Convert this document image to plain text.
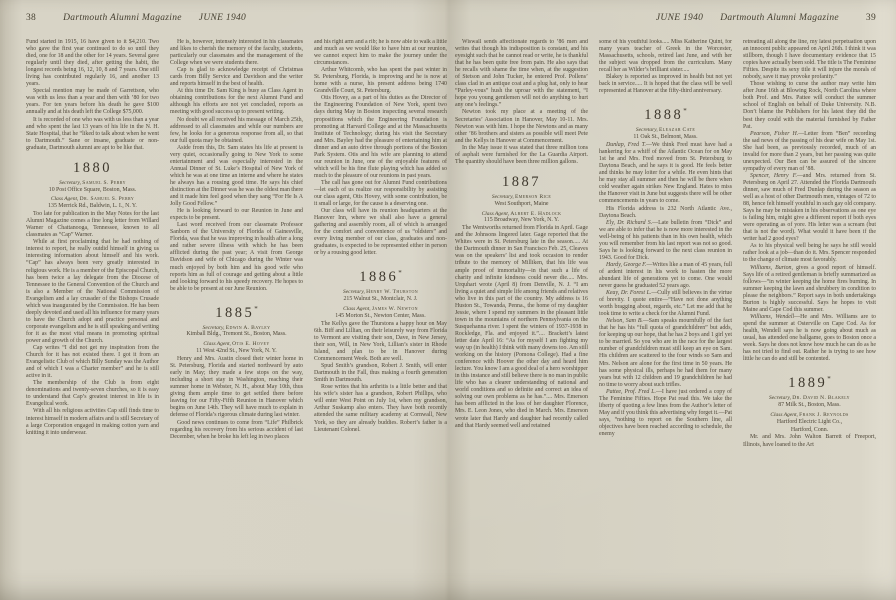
38	Dartmouth Alumni Magazine JUNE 1940

Fund started in 1915, 16 have given to it $4,210. Two who gave the first year continued to do so until they died, one for 18 and the other for 14 years. Several gave regularly until they died, after getting the habit, the longest records being 16, 12, 10, 8 and 7 years. One still living has contributed regularly 16, and another 13 years.

Special mention may be made of Garrettson, who was with us less than a year and then with ’80 for two years. For ten years before his death he gave $100 annually and at his death left the College $75,000.

It is recorded of one who was with us less than a year and who spent the last 13 years of his life in the N. H. State Hospital, that he “liked to talk about when he went to Dartmouth.” Sane or insane, graduate or non-graduate, Dartmouth alumni are apt to be like that.

1880
Secretary, Samuel S. Perry
10 Post Office Square, Boston, Mass.
Class Agent, Dr. Samuel S. Perry
135 Merrick Rd., Baldwin, L. I., N. Y.

Too late for publication in the May Notes for the last Alumni Magazine comes a fine long letter from Willard Warner of Chattanooga, Tennessee, known to all classmates as “Cap” Warner.

While at first proclaiming that he had nothing of interest to report, he really outdid himself in giving us interesting information about himself and his work. “Cap” has always been very greatly interested in religious work. He is a member of the Episcopal Church, has been twice a lay delegate from the Diocese of Tennessee to the General Convention of the Church and is also a Member of the National Commission of Evangelism and a lay crusader of the Bishops Crusade which was inaugurated by the Commission. He has been deeply devoted and used all his influence for many years to have the Church adopt and practice personal and corporate evangelism and he is still speaking and writing for it as the most vital means in promoting spiritual power and growth of the Church.

Cap writes “I did not get my inspiration from the Church for it has not existed there. I got it from an Evangelistic Club of which Billy Sunday was the Author and of which I was a Charter member” and he is still active in it.

The membership of the Club is from eight denominations and twenty-seven churches, so it is easy to understand that Cap’s greatest interest in life is in Evangelical work.

With all his religious activities Cap still finds time to interest himself in modern affairs and is still Secretary of a large Corporation engaged in making cotton yarn and knitting it into underwear.

He is, however, intensely interested in his classmates and likes to cherish the memory of the faculty, students, particularly our classmates and the management of the College when we were students there.

Cap is glad to acknowledge receipt of Christmas cards from Billy Service and Davidson and the writer and reports himself in the best of health.

At this time Dr. Sam King is busy as Class Agent in obtaining contributions for the next Alumni Fund and although his efforts are not yet concluded, reports as meeting with good success up to present writing.

No doubt we all received his message of March 25th, addressed to all classmates and while our numbers are few, he looks for a generous response from all, so that our full quota may be obtained.

Aside from this, Dr. Sam states his life at present is very quiet, occasionally going to New York to some entertainment and was especially interested in the Annual Dinner of St. Luke’s Hospital of New York of which he was at one time an interne and where he states he always has a rousing good time. He says his chief distinction at the Dinner was he was the oldest man there and it made him feel good when they sang “For He Is A Jolly Good Fellow.”

He is looking forward to our Reunion in June and expects to be present.

Last word received from our classmate Professor Sanborn of the University of Florida of Gainesville, Florida, was that he was improving in health after a long and rather severe illness with which he has been afflicted during the past year; A visit from George Davidson and wife of Chicago during the Winter was much enjoyed by both him and his good wife who reports him as full of courage and getting about a little and looking forward to his speedy recovery. He hopes to be able to be present at our June Reunion.

1885*
Secretary, Edwin A. Bayley
Kimball Bldg., Tremont St., Boston, Mass.
Class Agent, Otis E. Hovey
11 West 42nd St., New York, N. Y.

Henry and Mrs. Austin closed their winter home in St. Petersburg, Florida and started northward by auto early in May; they made a few stops on the way, including a short stay in Washington, reaching their summer home in Webster, N. H., about May 10th, thus giving them ample time to get settled there before leaving for our Fifty-Fifth Reunion in Hanover which begins on June 14th. They will have much to explain in defense of Florida’s rigorous climate during last winter.

Good news continues to come from “Life” Philbrick regarding his recovery from his serious accident of last December, when he broke his left leg in two places

and his right arm and a rib; he is now able to walk a little and much as we would like to have him at our reunion, we cannot expect him to make the journey under the circumstances.

Arthur Whitcomb, who has spent the past winter in St. Petersburg, Florida, is improving and he is now at home with a nurse, his present address being 1740 Grandville Court, St. Petersburg.

Otis Hovey, as a part of his duties as the Director of the Engineering Foundation of New York, spent two days during May in Boston inspecting several research propositions which the Engineering Foundation is promoting at Harvard College and at the Massachusetts Institute of Technology; during his visit the Secretary and Mrs. Bayley had the pleasure of entertaining him at dinner and an auto drive through portions of the Boston Park System. Otis and his wife are planning to attend our reunion in June, one of the enjoyable features of which will be his fine flute playing which has added so much to the pleasure of our reunions in past years.

The call has gone out for Alumni Fund contributions—let each of us realize our responsibility by assisting our class agent, Otis Hovey, with some contribution, be it small or large, for the cause is a deserving one.

Our class will have its reunion headquarters at the Hanover Inn, where we shall also have a general gathering and assembly room, all of which is arranged for the comfort and convenience of us “oldsters” and every living member of our class, graduates and non-graduates, is expected to be represented either in person or by a rousing good letter.

1886*
Secretary, Henry W. Thurston
215 Walnut St., Montclair, N. J.
Class Agent, James W. Newton
145 Morton St., Newton Center, Mass.

The Kellys gave the Thurstons a happy hour on May 6th. Biff and Lillian, on their leisurely way from Florida to Vermont are visiting their son, Dave, in New Jersey, their son, Will, in New York, Lillian’s sister in Rhode Island, and plan to be in Hanover during Commencement Week. Both are well.

Spud Smith’s grandson, Robert J. Smith, will enter Dartmouth in the Fall, thus making a fourth generation Smith in Dartmouth.

Rose writes that his arthritis is a little better and that his wife’s sister has a grandson, Robert Phillips, who will enter West Point on July 1st, when my grandson, Arthur Suskamp also enters. They have both recently attended the same military academy at Cornwall, New York, so they are already buddies. Robert’s father is a Lieutenant Colonel.

JUNE 1940 Dartmouth Alumni Magazine	39

Wiswall sends affectionate regards to ’86 men and writes that though his indisposition is constant, and his eyesight such that he cannot read or write, he is thankful that he has been quite free from pain. He also says that he recalls with shame the time when, at the suggestion of Stetson and John Tucker, he entered Prof. Pollens’ class clad in an antique coat and a plug hat, only to hear “Parley-vous” hush the uproar with the statement, “I hope you young gentlemen will not do anything to hurt any one’s feelings.”

Newton took my place at a meeting of the Secretaries’ Association in Hanover, May 10-11. Mrs. Newton was with him. I hope the Newtons and as many other ’86 brothers and sisters as possible will meet Pete and the Kellys in Hanover at Commencement.

In the May issue it was stated that three million tons of asphalt were furnished for the La Guardia Airport. The quantity should have been three million gallons.

1887
Secretary, Emerson Rice
West Southport, Maine
Class Agent, Albert E. Hadlock
115 Broadway, New York, N. Y.

The Wentworths returned from Florida in April. Gage and the Johnsons lingered later. Gage reported that the Whites were in St. Petersburg late in the season..... At the Dartmouth dinner in San Francisco Feb. 25, Cleaves was on the speakers’ list and took occasion to render tribute to the memory of Milliken, that his life was ample proof of immortality—in that such a life of charity and infinite kindness could never die..... Mrs. Urquhart wrote (April 8) from Denville, N. J. “I am living a quiet and simple life among friends and relatives who live in this part of the country. My address is 16 Huston St., Towanda, Penna., the home of my daughter Jessie, where I spend my summers in the pleasant little town in the mountains of northern Pennsylvania on the Susquehanna river. I spent the winters of 1937-1938 in Rockledge, Fla. and enjoyed it.”.... Brackett’s latest letter date April 16: “As for myself I am fighting my way up (in health) I think with many downs too. Am still working on the history (Pomona College). Had a fine conference with Hoover the other day and heard him lecture. You know I am a good deal of a hero worshipper in this instance and still believe there is no man in public life who has a clearer understanding of national and world conditions and so definite and correct an idea of solving our own problems as he has.”.... Mrs. Emerson has been afflicted in the loss of her daughter Florence, Mrs. E. Leon Jones, who died in March. Mrs. Emerson wrote later that Hardy and daughter had recently called and that Hardy seemed well and retained

some of his youthful looks..... Miss Katherine Quint, for many years teacher of Greek in the Worcester, Massachusetts, schools, retired last June, and with her the subject was dropped from the curriculum. Many recall her as Wilder’s brilliant sister.....

Blakey is reported as improved in health but not yet back in service..... It is hoped that the class will be well represented at Hanover at the fifty-third anniversary.

1888*
Secretary, Eleazar Cate
11 Oak St., Belmont, Mass.

Dunlap, Fred T.—We think Fred must have had a hankering for a whiff of the Atlantic Ocean for on May 1st he and Mrs. Fred moved from St. Petersburg to Daytona Beach, and he says it is good. He feels better and thinks he may loiter for a while. He even hints that he may stay all summer and then he will be there when cold weather again strikes New England. Hates to miss the Hanover visit in June but suggests there will be other commencements in years to come.

His Florida address is 232 North Atlantic Ave., Daytona Beach.

Ely, Dr. Richard S.—Late bulletin from “Dick” and we are able to infer that he is now more interested in the well-being of his patients than in his own health, which you will remember from his last report was not so good. Says he is looking forward to the next class reunion in 1943. Good for Dick.

Hardy, George F.—Writes like a man of 45 years, full of ardent interest in his work to hasten the more abundant life of generations yet to come. One would never guess he graduated 52 years ago.

Keay, Dr. Forest L.—Cully still believes in the virtue of brevity. I quote entire—“Have not done anything worth bragging about, regards, etc.” Let me add that he took time to write a check for the Alumni Fund.

Nelson, Sam B.—Sam speaks mournfully of the fact that he has his “full quota of grandchildren” but adds, for keeping up our hope, that he has 2 boys and 1 girl yet to be married. So you who are in the race for the largest number of grandchildren must still keep an eye on Sam. His children are scattered to the four winds so Sam and Mrs. Nelson are alone for the first time in 50 years. He has some physical ills, perhaps he had them for many years but with 12 children and 19 grandchildren he had no time to worry about such trifles.

Pattee, Prof. Fred L.—I have just ordered a copy of The Feminine Fifties. Hope Pat read this. We take the liberty of quoting a few lines from the Author’s letter of May and if you think this advertising why forget it.—Pat says, “nothing to report on the Southern line, all objectives have been reached according to schedule, the enemy

retreating all along the line, my latest perpetuation upon an innocent public appeared on April 26th. I think it was stillborn, though I have documentary evidence that 15 copies have actually been sold. The title is The Feminine Fifties. Despite its sexy title it will injure the morals of nobody, save it may provoke profanity.”

Those wishing to curse the author may write him after June 16th at Blowing Rock, North Carolina where both Prof. and Mrs. Pattee will conduct the summer school of English on behalf of Duke University. N.B. Don’t blame the Publishers for his latest they did the best they could with the material furnished by Father Pat.

Pearson, Fisher H.—Letter from “Ben” recording the sad news of the passing of his dear wife on May 1st. She had been, as previously recorded, much of an invalid for more than 2 years, but her passing was quite unexpected. Our Ben can be assured of the sincere sympathy of every man of ’88.

Spencer, Henry F.—and Mrs. returned from St. Petersburg on April 27. Attended the Florida Dartmouth dinner, saw much of Fred Dunlap during the season as well as a host of other Dartmouth men, vintages of 72 to 88, hence felt himself youthful in such gay old company. Says he may be mistaken in his observations as one eye is failing him, might give a different report if both eyes were operating as of yore. His letter was a scream (but that is not the word). What would it have been if the writer had 2 good eyes?

As to his physical well being he says he still would rather look at a job—than do it. Mrs. Spencer responded to the change of climate most favorably.

Williams, Burton, gives a good report of himself. Says life of a retired gentleman is briefly summarized as follows—“in winter keeping the home fires burning. In summer keeping the lawn and shrubbery in condition to please the neighbors.” Report says in both undertakings Burton is highly successful. Says he hopes to visit Maine and Cape Cod this summer.

Williams, Wendell—He and Mrs. Williams are to spend the summer at Osterville on Cape Cod. As for health, Wendell says he is now going about much as usual, has attended one ballgame, goes to Boston once a week. Says he does not know how much he can do as he has not tried to find out. Rather he is trying to see how little he can do and still be contented.

1889*
Secretary, Dr. David N. Blakely
87 Milk St., Boston, Mass.
Class Agent, Frank J. Reynolds
Hartford Electric Light Co.,
Hartford, Conn.

Mr. and Mrs. John Walton Barrett of Freeport, Illinois, have loaned to the Art
